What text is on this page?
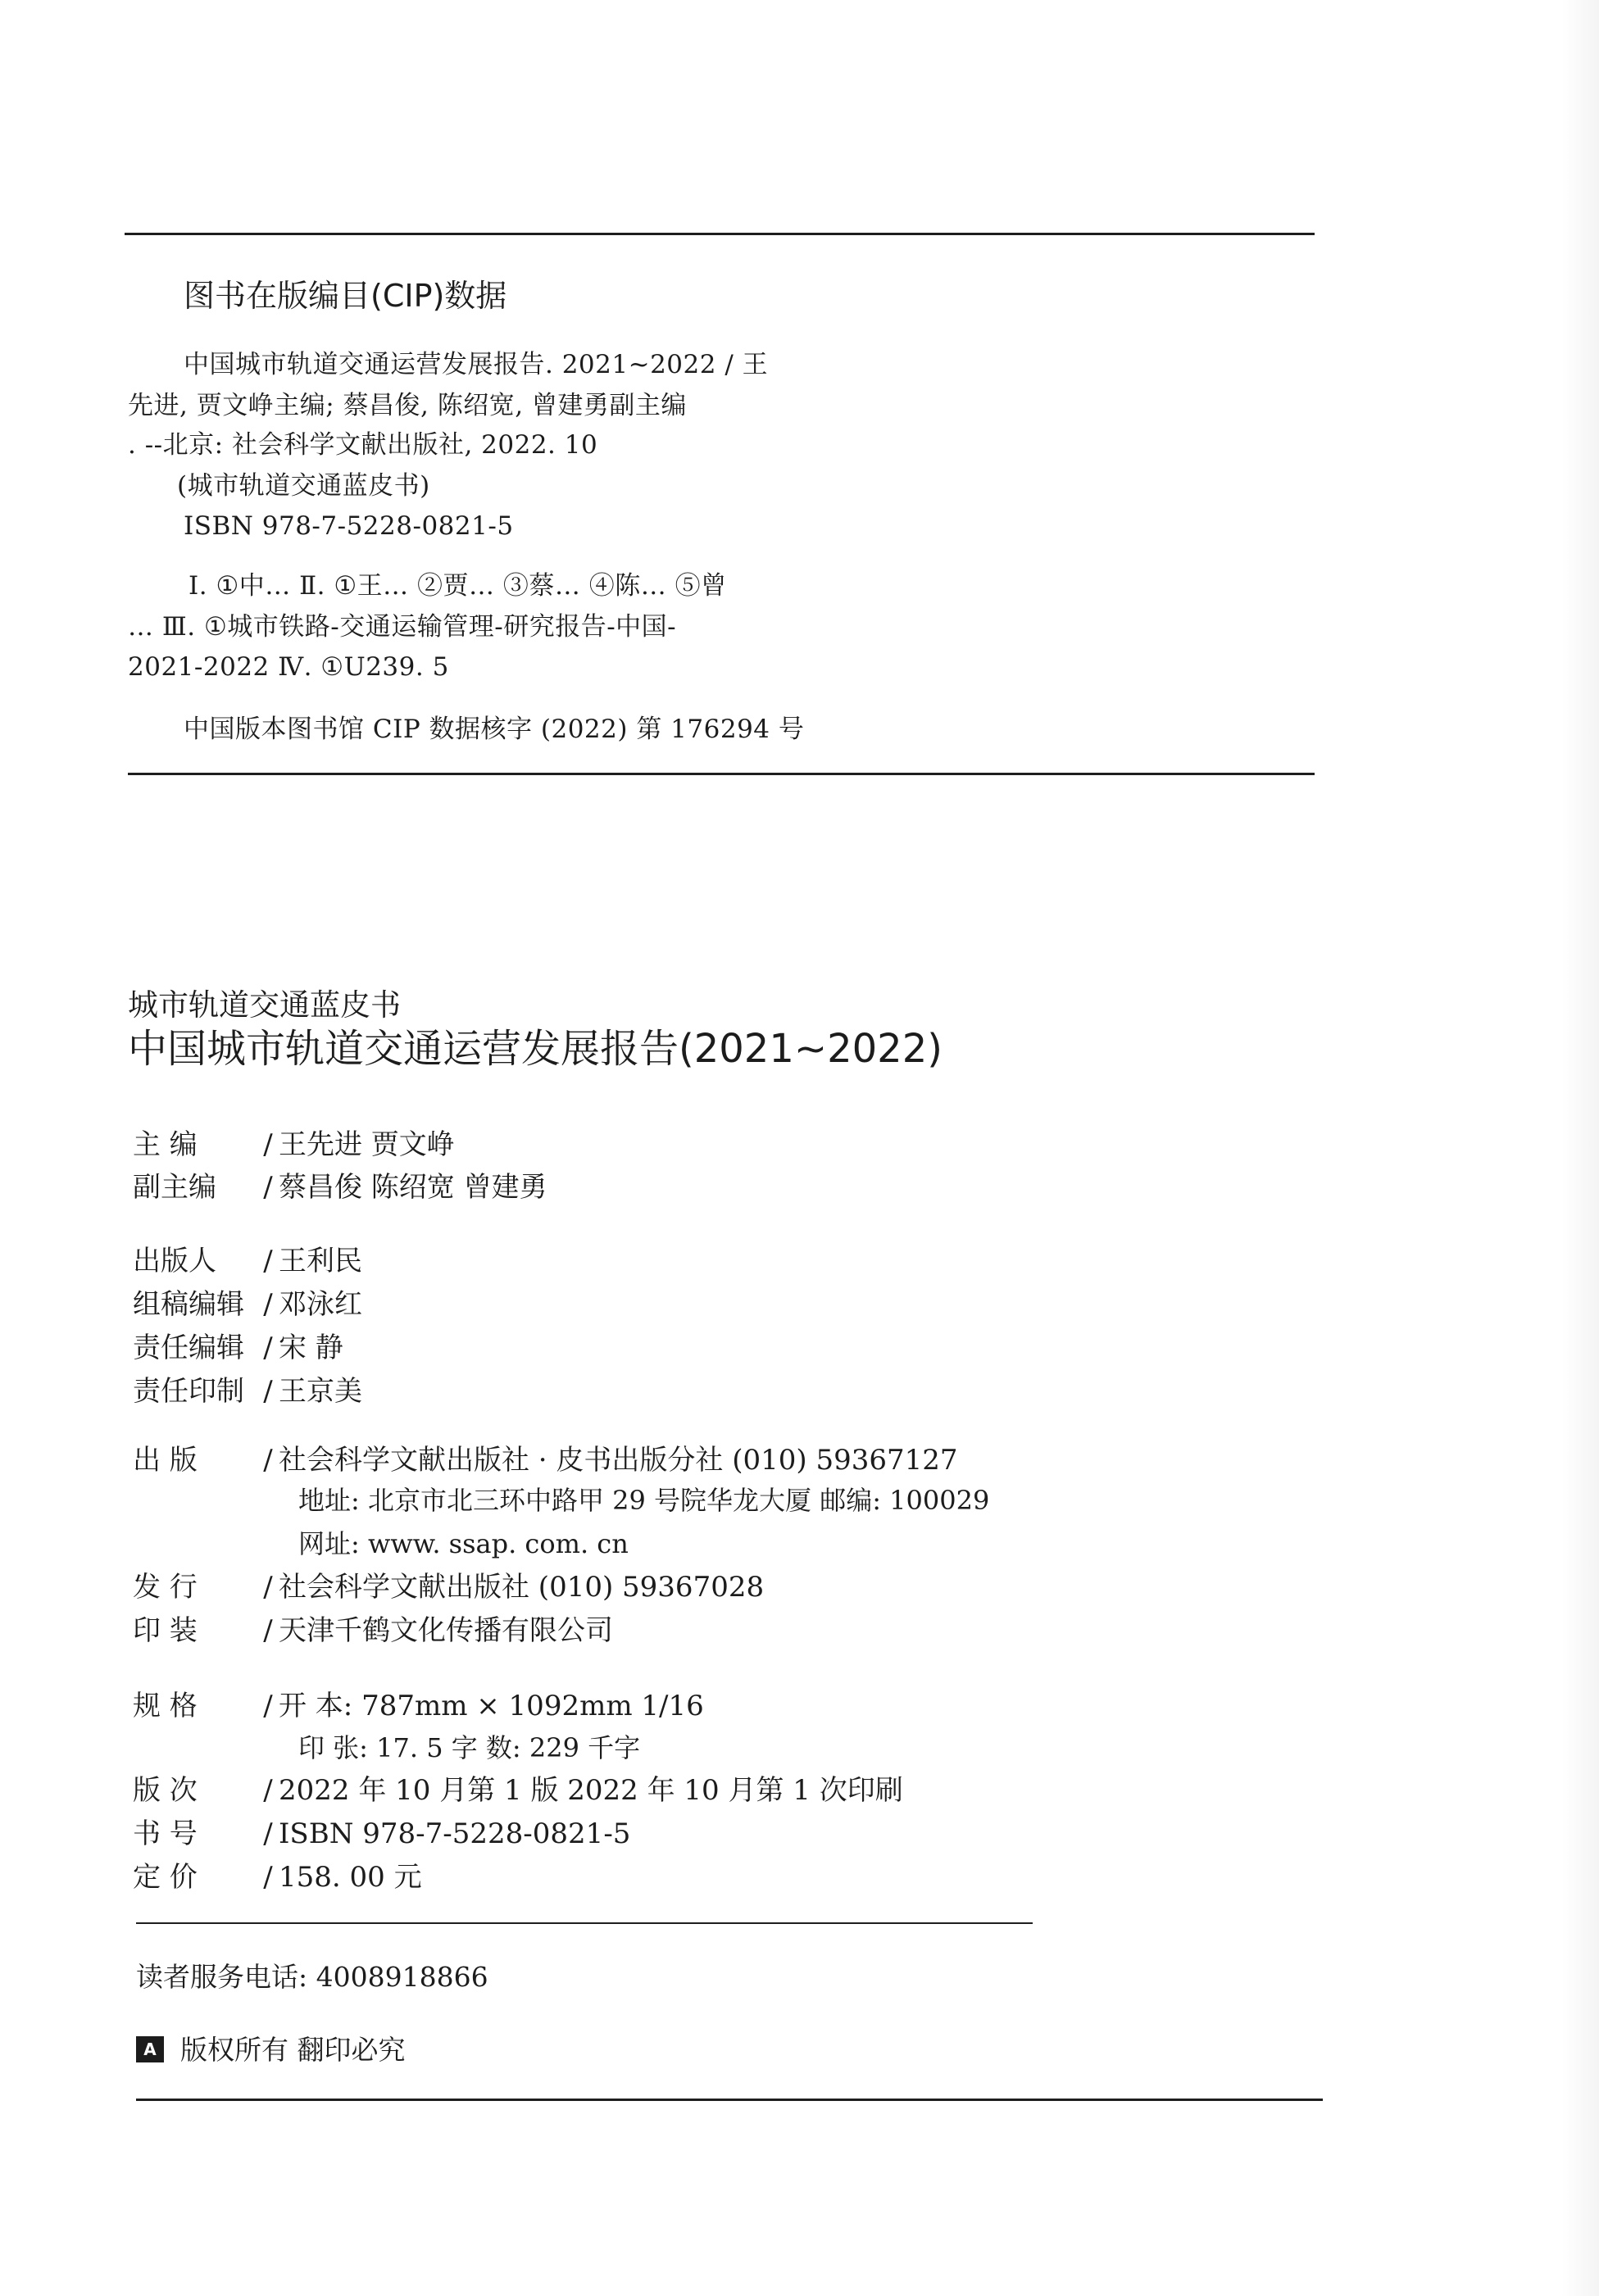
图书在版编目(CIP)数据
中国城市轨道交通运营发展报告. 2021~2022 / 王
先进, 贾文峥主编; 蔡昌俊, 陈绍宽, 曾建勇副主编
. --北京: 社会科学文献出版社, 2022. 10
(城市轨道交通蓝皮书)
ISBN 978-7-5228-0821-5
Ⅰ. ①中… Ⅱ. ①王… ②贾… ③蔡… ④陈… ⑤曾
… Ⅲ. ①城市铁路-交通运输管理-研究报告-中国-
2021-2022 Ⅳ. ①U239. 5
中国版本图书馆 CIP 数据核字 (2022) 第 176294 号
城市轨道交通蓝皮书
中国城市轨道交通运营发展报告(2021~2022)
主 编 / 王先进 贾文峥
副主编 / 蔡昌俊 陈绍宽 曾建勇
出版人 / 王利民
组稿编辑 / 邓泳红
责任编辑 / 宋 静
责任印制 / 王京美
出 版 / 社会科学文献出版社 · 皮书出版分社 (010) 59367127
地址: 北京市北三环中路甲 29 号院华龙大厦 邮编: 100029
网址: www. ssap. com. cn
发 行 / 社会科学文献出版社 (010) 59367028
印 装 / 天津千鹤文化传播有限公司
规 格 / 开 本: 787mm × 1092mm 1/16
印 张: 17. 5 字 数: 229 千字
版 次 / 2022 年 10 月第 1 版 2022 年 10 月第 1 次印刷
书 号 / ISBN 978-7-5228-0821-5
定 价 / 158. 00 元
读者服务电话: 4008918866
A 版权所有 翻印必究
